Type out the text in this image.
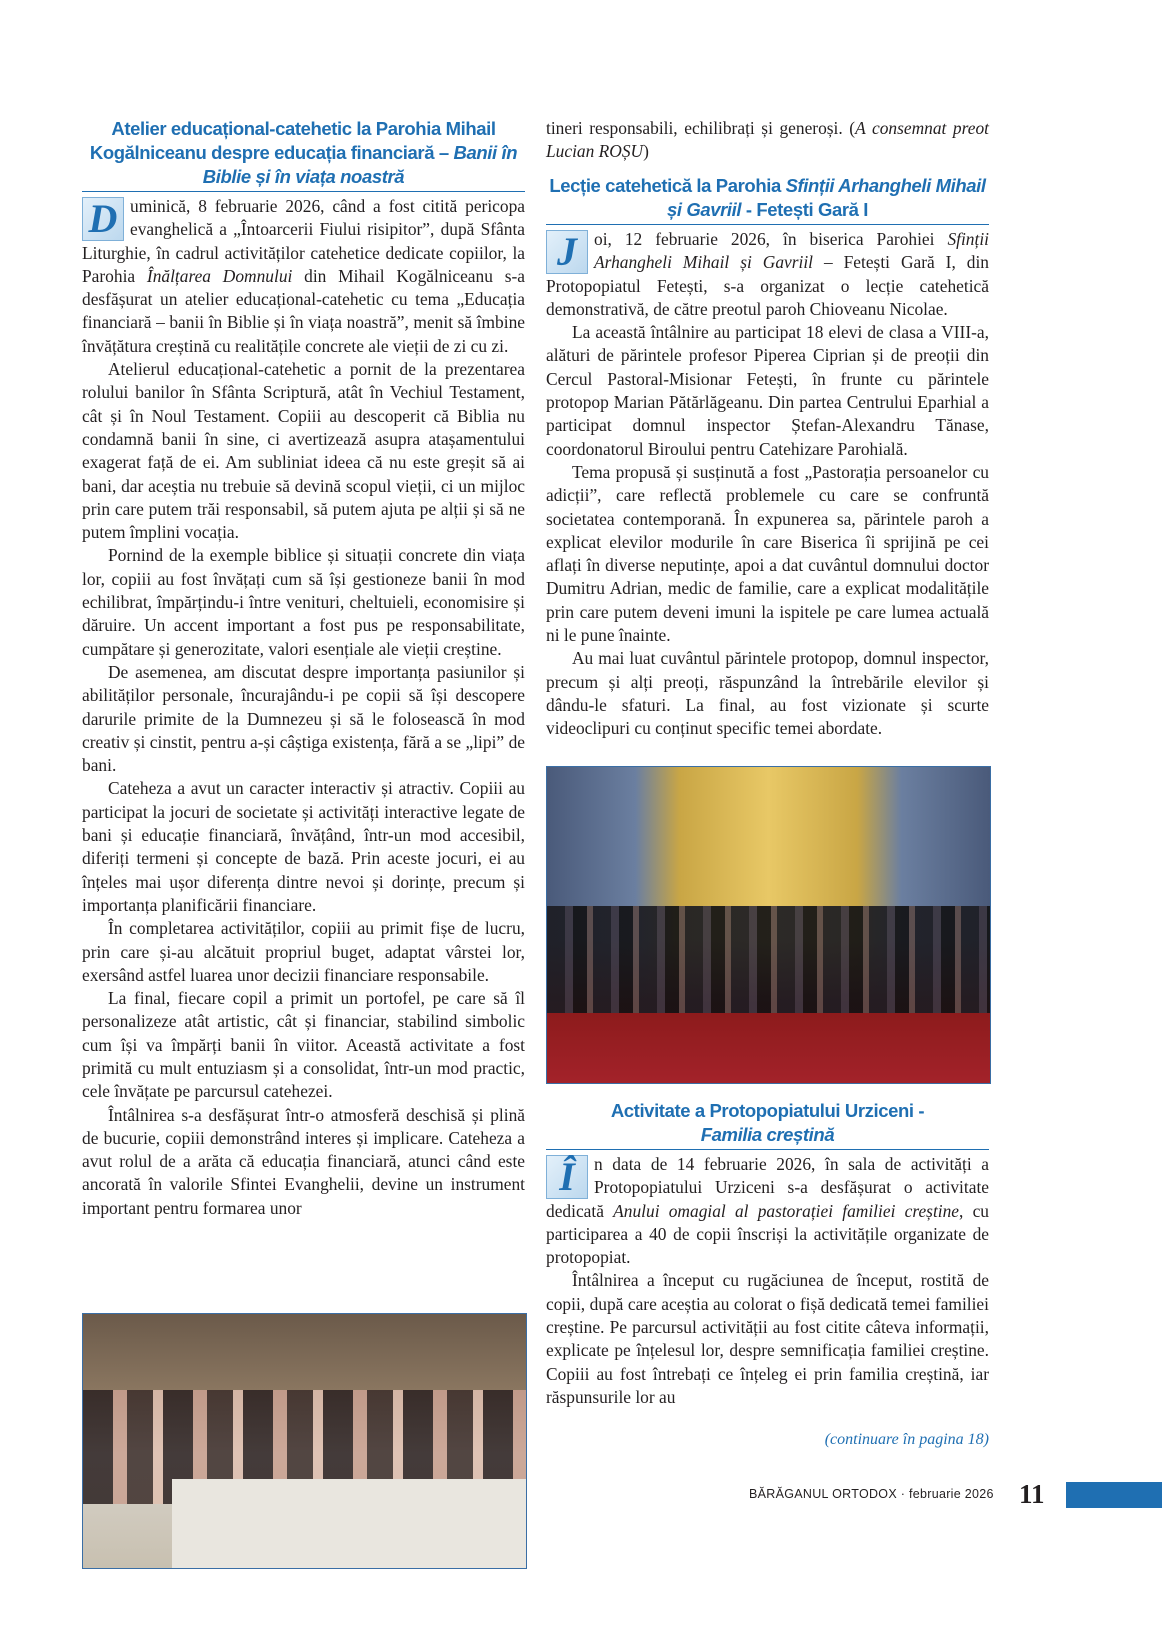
Atelier educațional-catehetic la Parohia Mihail Kogălniceanu despre educația financiară – Banii în Biblie și în viața noastră

D uminică, 8 februarie 2026, când a fost citită pericopa evanghelică a „Întoarcerii Fiului risipitor”, după Sfânta Liturghie, în cadrul activităților catehetice dedicate copiilor, la Parohia Înălțarea Domnului din Mihail Kogălniceanu s-a desfășurat un atelier educațional-catehetic cu tema „Educația financiară – banii în Biblie și în viața noastră”, menit să îmbine învățătura creștină cu realitățile concrete ale vieții de zi cu zi.

Atelierul educațional-catehetic a pornit de la prezentarea rolului banilor în Sfânta Scriptură, atât în Vechiul Testament, cât și în Noul Testament. Copiii au descoperit că Biblia nu condamnă banii în sine, ci avertizează asupra atașamentului exagerat față de ei. Am subliniat ideea că nu este greșit să ai bani, dar aceștia nu trebuie să devină scopul vieții, ci un mijloc prin care putem trăi responsabil, să putem ajuta pe alții și să ne putem împlini vocația.

Pornind de la exemple biblice și situații concrete din viața lor, copiii au fost învățați cum să își gestioneze banii în mod echilibrat, împărțindu-i între venituri, cheltuieli, economisire și dăruire. Un accent important a fost pus pe responsabilitate, cumpătare și generozitate, valori esențiale ale vieții creștine.

De asemenea, am discutat despre importanța pasiunilor și abilităților personale, încurajându-i pe copii să își descopere darurile primite de la Dumnezeu și să le folosească în mod creativ și cinstit, pentru a-și câștiga existența, fără a se „lipi” de bani.

Cateheza a avut un caracter interactiv și atractiv. Copiii au participat la jocuri de societate și activități interactive legate de bani și educație financiară, învățând, într-un mod accesibil, diferiți termeni și concepte de bază. Prin aceste jocuri, ei au înțeles mai ușor diferența dintre nevoi și dorințe, precum și importanța planificării financiare.

În completarea activităților, copiii au primit fișe de lucru, prin care și-au alcătuit propriul buget, adaptat vârstei lor, exersând astfel luarea unor decizii financiare responsabile.

La final, fiecare copil a primit un portofel, pe care să îl personalizeze atât artistic, cât și financiar, stabilind simbolic cum își va împărți banii în viitor. Această activitate a fost primită cu mult entuziasm și a consolidat, într-un mod practic, cele învățate pe parcursul catehezei.

Întâlnirea s-a desfășurat într-o atmosferă deschisă și plină de bucurie, copiii demonstrând interes și implicare. Cateheza a avut rolul de a arăta că educația financiară, atunci când este ancorată în valorile Sfintei Evanghelii, devine un instrument important pentru formarea unor

tineri responsabili, echilibrați și generoși. (A consemnat preot Lucian ROȘU)

Lecție catehetică la Parohia Sfinții Arhangheli Mihail și Gavriil - Fetești Gară I

J oi, 12 februarie 2026, în biserica Parohiei Sfinții Arhangheli Mihail și Gavriil – Fetești Gară I, din Protopopiatul Fetești, s-a organizat o lecție catehetică demonstrativă, de către preotul paroh Chioveanu Nicolae.

La această întâlnire au participat 18 elevi de clasa a VIII-a, alături de părintele profesor Piperea Ciprian și de preoții din Cercul Pastoral-Misionar Fetești, în frunte cu părintele protopop Marian Pătărlăgeanu. Din partea Centrului Eparhial a participat domnul inspector Ștefan-Alexandru Tănase, coordonatorul Biroului pentru Catehizare Parohială.

Tema propusă și susținută a fost „Pastorația persoanelor cu adicții”, care reflectă problemele cu care se confruntă societatea contemporană. În expunerea sa, părintele paroh a explicat elevilor modurile în care Biserica îi sprijină pe cei aflați în diverse neputințe, apoi a dat cuvântul domnului doctor Dumitru Adrian, medic de familie, care a explicat modalitățile prin care putem deveni imuni la ispitele pe care lumea actuală ni le pune înainte.

Au mai luat cuvântul părintele protopop, domnul inspector, precum și alți preoți, răspunzând la întrebările elevilor și dându-le sfaturi. La final, au fost vizionate și scurte videoclipuri cu conținut specific temei abordate.

Activitate a Protopopiatului Urziceni - Familia creștină

Î	n data de 14 februarie 2026, în sala de activități a Protopopiatului Urziceni s-a desfășurat o activitate dedicată Anului omagial al pastorației familiei creștine, cu participarea a 40 de copii înscriși la activitățile organizate de protopopiat.

Întâlnirea a început cu rugăciunea de început, rostită de copii, după care aceștia au colorat o fișă dedicată temei familiei creștine. Pe parcursul activității au fost citite câteva informații, explicate pe înțelesul lor, despre semnificația familiei creștine. Copiii au fost întrebați ce înțeleg ei prin familia creștină, iar răspunsurile lor au

(continuare în pagina 18)
BĂRĂGANUL ORTODOX · februarie 2026 11
